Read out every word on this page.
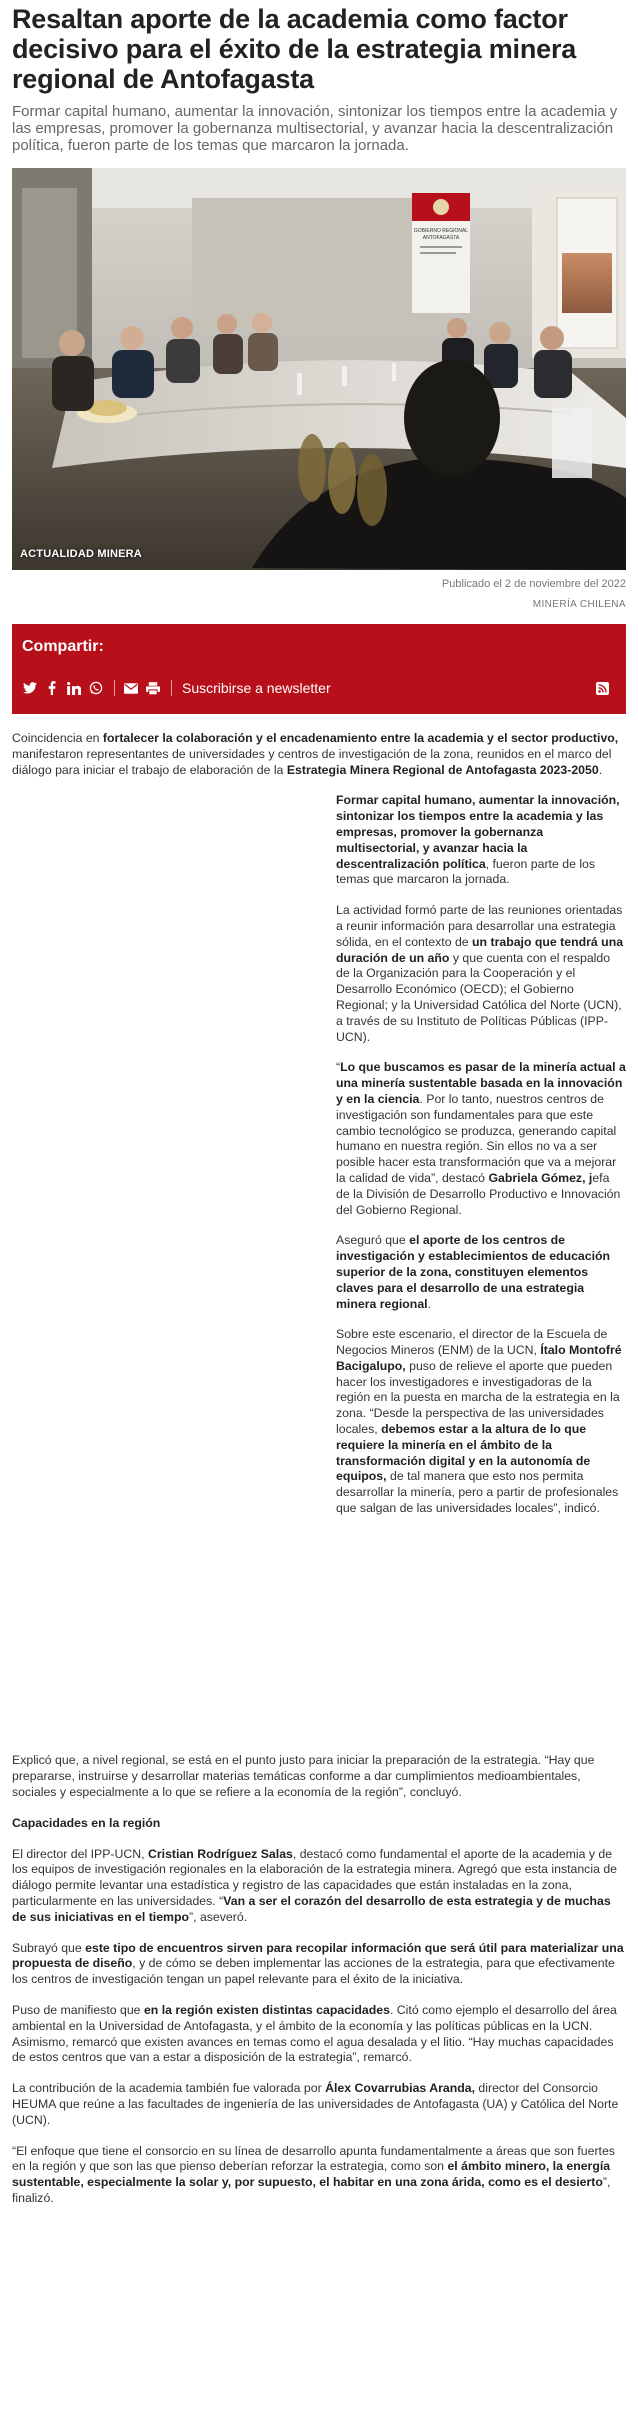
Resaltan aporte de la academia como factor decisivo para el éxito de la estrategia minera regional de Antofagasta
Formar capital humano, aumentar la innovación, sintonizar los tiempos entre la academia y las empresas, promover la gobernanza multisectorial, y avanzar hacia la descentralización política, fueron parte de los temas que marcaron la jornada.
GOBIERNO REGIONAL
ANTOFAGASTA
ACTUALIDAD MINERA
Publicado el 2 de noviembre del 2022
MINERÍA CHILENA
Compartir:
Suscribirse a newsletter

Coincidencia en fortalecer la colaboración y el encadenamiento entre la academia y el sector productivo, manifestaron representantes de universidades y centros de investigación de la zona, reunidos en el marco del diálogo para iniciar el trabajo de elaboración de la Estrategia Minera Regional de Antofagasta 2023-2050.

Formar capital humano, aumentar la innovación, sintonizar los tiempos entre la academia y las empresas, promover la gobernanza multisectorial, y avanzar hacia la descentralización política, fueron parte de los temas que marcaron la jornada.

La actividad formó parte de las reuniones orientadas a reunir información para desarrollar una estrategia sólida, en el contexto de un trabajo que tendrá una duración de un año y que cuenta con el respaldo de la Organización para la Cooperación y el Desarrollo Económico (OECD); el Gobierno Regional; y la Universidad Católica del Norte (UCN), a través de su Instituto de Políticas Públicas (IPP-UCN).

“Lo que buscamos es pasar de la minería actual a una minería sustentable basada en la innovación y en la ciencia. Por lo tanto, nuestros centros de investigación son fundamentales para que este cambio tecnológico se produzca, generando capital humano en nuestra región. Sin ellos no va a ser posible hacer esta transformación que va a mejorar la calidad de vida”, destacó Gabriela Gómez, jefa de la División de Desarrollo Productivo e Innovación del Gobierno Regional.

Aseguró que el aporte de los centros de investigación y establecimientos de educación superior de la zona, constituyen elementos claves para el desarrollo de una estrategia minera regional.

Sobre este escenario, el director de la Escuela de Negocios Mineros (ENM) de la UCN, Ítalo Montofré Bacigalupo, puso de relieve el aporte que pueden hacer los investigadores e investigadoras de la región en la puesta en marcha de la estrategia en la zona. “Desde la perspectiva de las universidades locales, debemos estar a la altura de lo que requiere la minería en el ámbito de la transformación digital y en la autonomía de equipos, de tal manera que esto nos permita desarrollar la minería, pero a partir de profesionales que salgan de las universidades locales”, indicó.

Explicó que, a nivel regional, se está en el punto justo para iniciar la preparación de la estrategia. “Hay que prepararse, instruirse y desarrollar materias temáticas conforme a dar cumplimientos medioambientales, sociales y especialmente a lo que se refiere a la economía de la región”, concluyó.

Capacidades en la región

El director del IPP-UCN, Cristian Rodríguez Salas, destacó como fundamental el aporte de la academia y de los equipos de investigación regionales en la elaboración de la estrategia minera. Agregó que esta instancia de diálogo permite levantar una estadística y registro de las capacidades que están instaladas en la zona, particularmente en las universidades. “Van a ser el corazón del desarrollo de esta estrategia y de muchas de sus iniciativas en el tiempo”, aseveró.

Subrayó que este tipo de encuentros sirven para recopilar información que será útil para materializar una propuesta de diseño, y de cómo se deben implementar las acciones de la estrategia, para que efectivamente los centros de investigación tengan un papel relevante para el éxito de la iniciativa.

Puso de manifiesto que en la región existen distintas capacidades. Citó como ejemplo el desarrollo del área ambiental en la Universidad de Antofagasta, y el ámbito de la economía y las políticas públicas en la UCN. Asimismo, remarcó que existen avances en temas como el agua desalada y el litio. “Hay muchas capacidades de estos centros que van a estar a disposición de la estrategia”, remarcó.

La contribución de la academia también fue valorada por Álex Covarrubias Aranda, director del Consorcio HEUMA que reúne a las facultades de ingeniería de las universidades de Antofagasta (UA) y Católica del Norte (UCN).

“El enfoque que tiene el consorcio en su línea de desarrollo apunta fundamentalmente a áreas que son fuertes en la región y que son las que pienso deberían reforzar la estrategia, como son el ámbito minero, la energía sustentable, especialmente la solar y, por supuesto, el habitar en una zona árida, como es el desierto”, finalizó.
